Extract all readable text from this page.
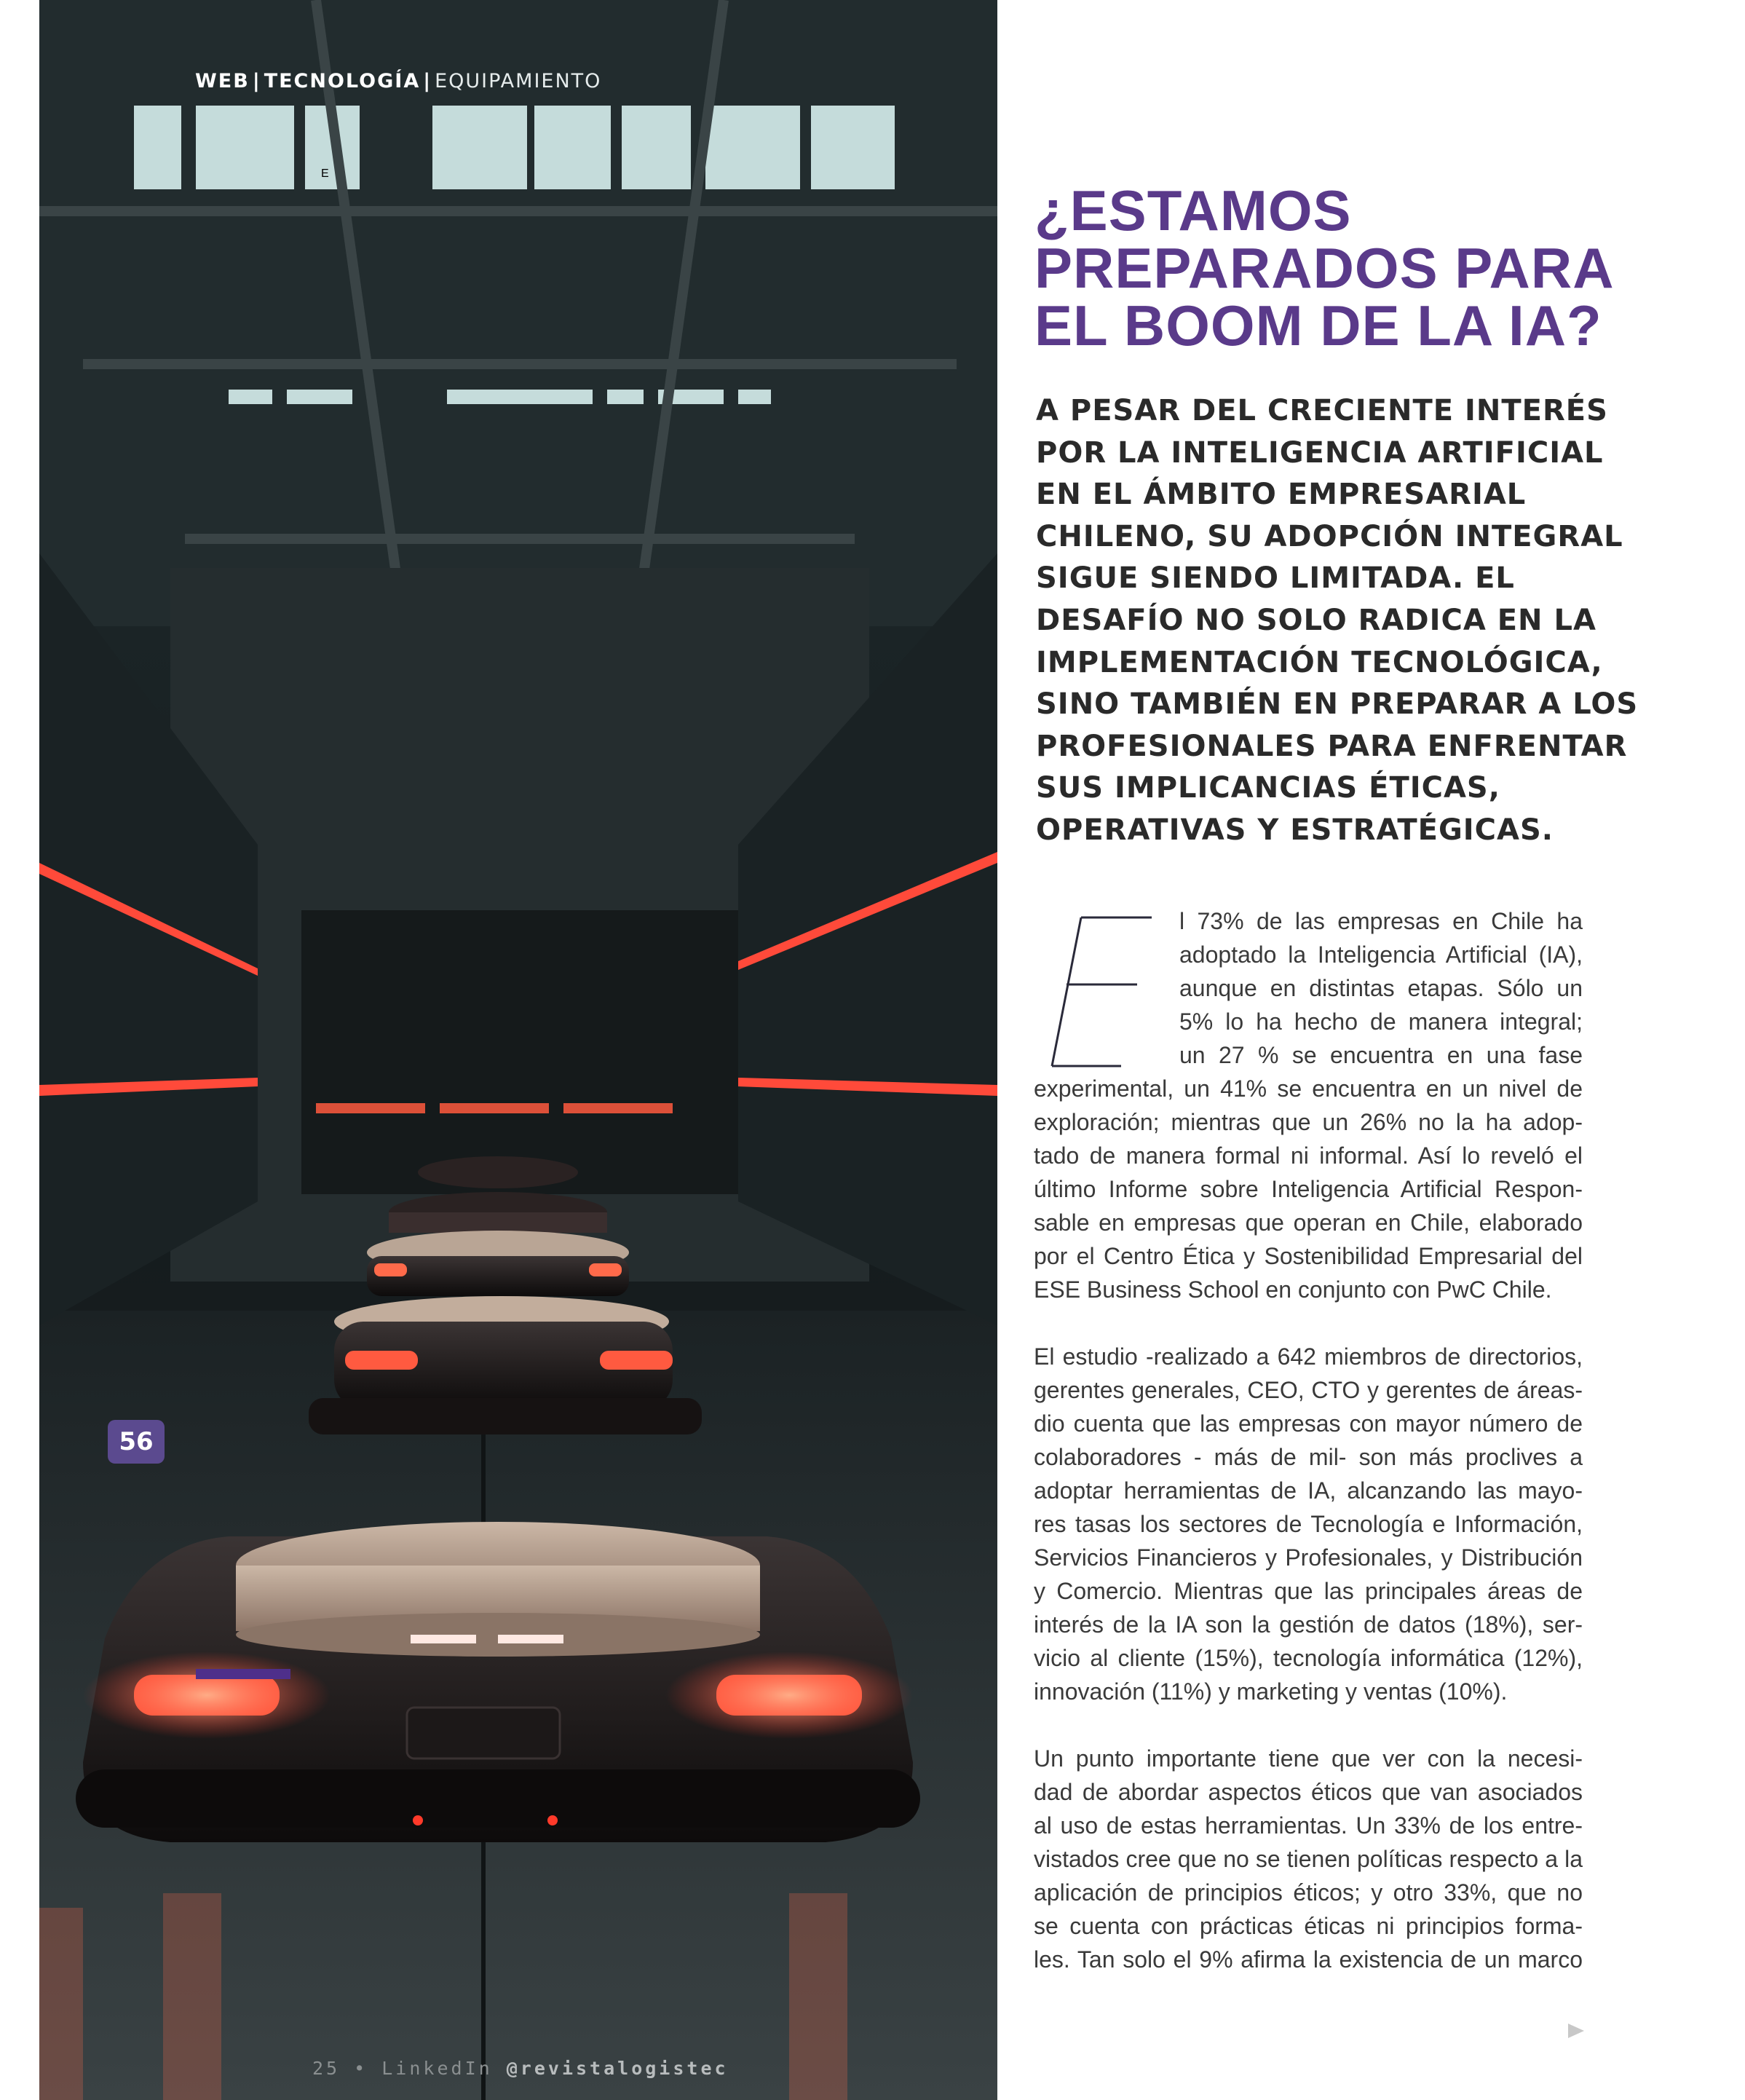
WEB | TECNOLOGÍA | EQUIPAMIENTO
56
25 • LinkedIn @revistalogistec
¿ESTAMOS
PREPARADOS PARA
EL BOOM DE LA IA?

A PESAR DEL CRECIENTE INTERÉS
POR LA INTELIGENCIA ARTIFICIAL
EN EL ÁMBITO EMPRESARIAL
CHILENO, SU ADOPCIÓN INTEGRAL
SIGUE SIENDO LIMITADA. EL
DESAFÍO NO SOLO RADICA EN LA
IMPLEMENTACIÓN TECNOLÓGICA,
SINO TAMBIÉN EN PREPARAR A LOS
PROFESIONALES PARA ENFRENTAR
SUS IMPLICANCIAS ÉTICAS,
OPERATIVAS Y ESTRATÉGICAS.

E
l 73% de las empresas en Chile ha
adoptado la Inteligencia Artificial (IA),
aunque en distintas etapas. Sólo un
5% lo ha hecho de manera integral;
un 27 % se encuentra en una fase
experimental, un 41% se encuentra en un nivel de
exploración; mientras que un 26% no la ha adop-
tado de manera formal ni informal. Así lo reveló el
último Informe sobre Inteligencia Artificial Respon-
sable en empresas que operan en Chile, elaborado
por el Centro Ética y Sostenibilidad Empresarial del
ESE Business School en conjunto con PwC Chile.
El estudio -realizado a 642 miembros de directorios,
gerentes generales, CEO, CTO y gerentes de áreas-
dio cuenta que las empresas con mayor número de
colaboradores - más de mil- son más proclives a
adoptar herramientas de IA, alcanzando las mayo-
res tasas los sectores de Tecnología e Información,
Servicios Financieros y Profesionales, y Distribución
y Comercio. Mientras que las principales áreas de
interés de la IA son la gestión de datos (18%), ser-
vicio al cliente (15%), tecnología informática (12%),
innovación (11%) y marketing y ventas (10%).
Un punto importante tiene que ver con la necesi-
dad de abordar aspectos éticos que van asociados
al uso de estas herramientas. Un 33% de los entre-
vistados cree que no se tienen políticas respecto a la
aplicación de principios éticos; y otro 33%, que no
se cuenta con prácticas éticas ni principios forma-
les. Tan solo el 9% afirma la existencia de un marco
